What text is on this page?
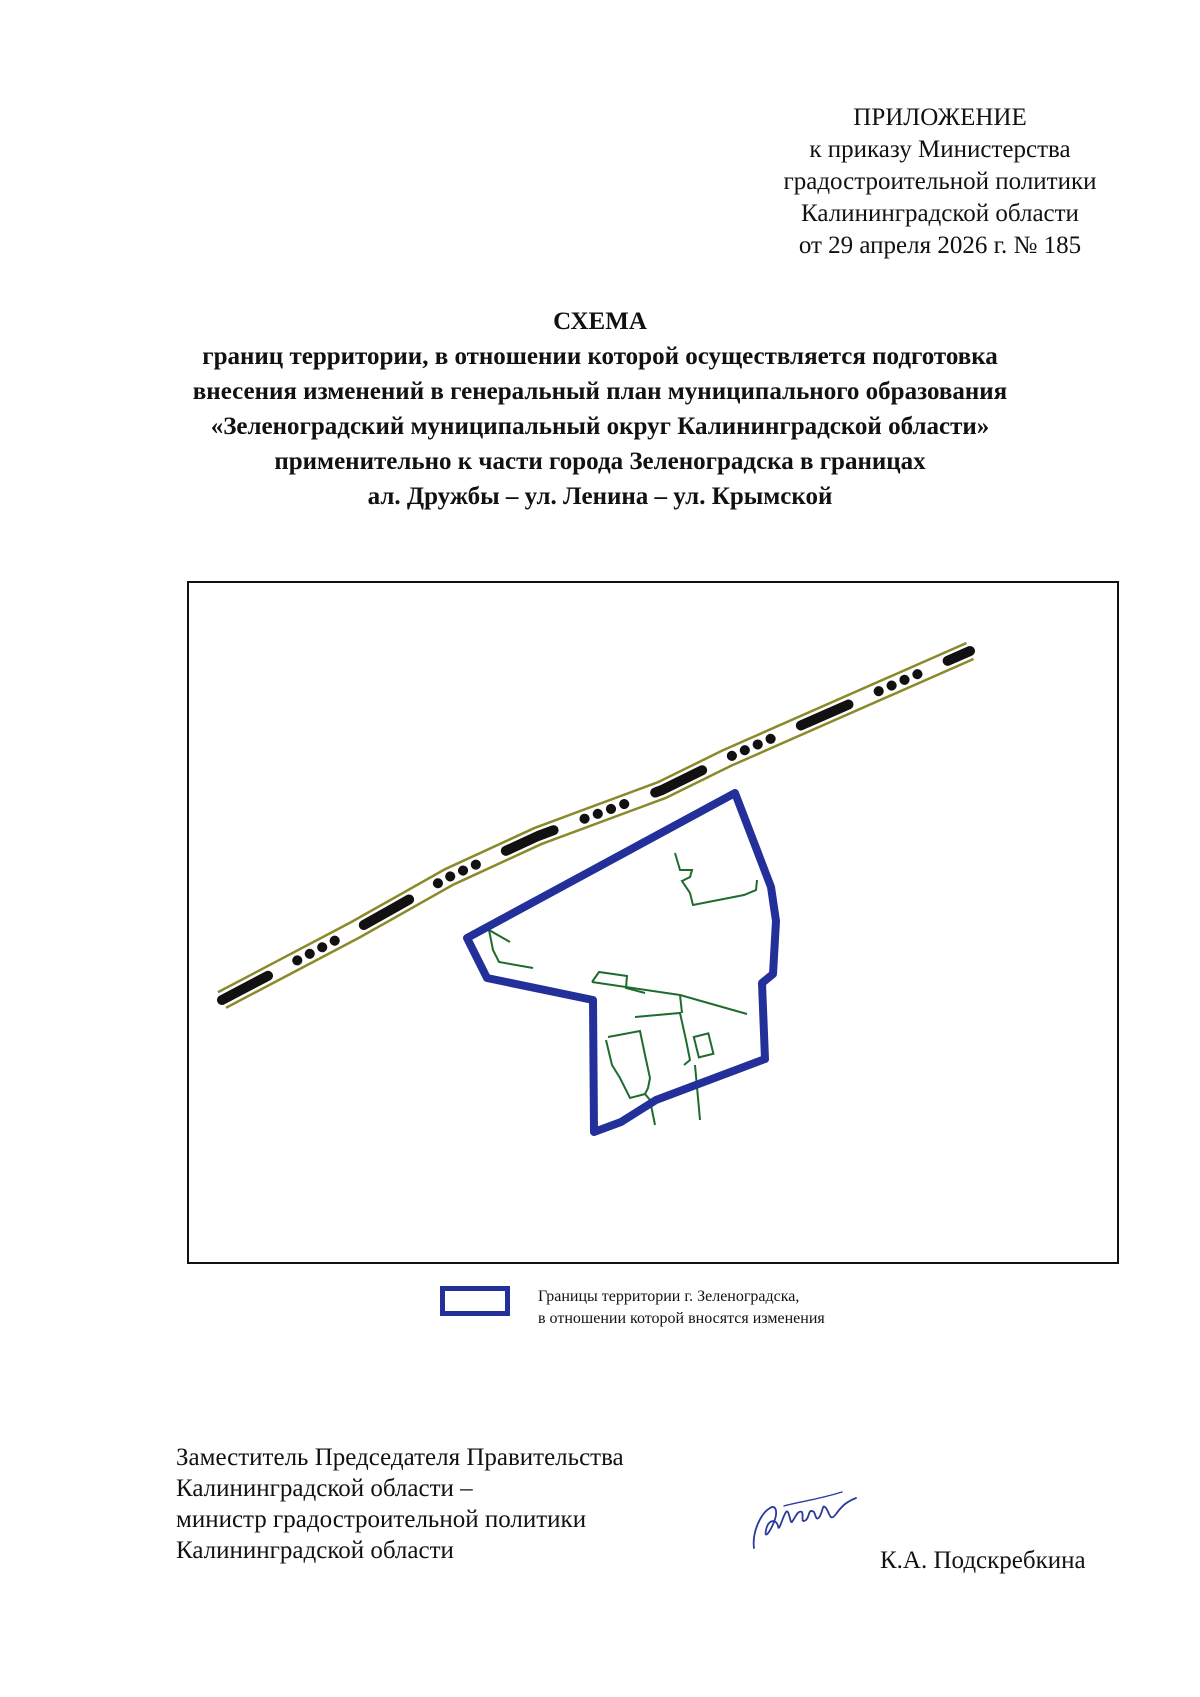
ПРИЛОЖЕНИЕ
к приказу Министерства
градостроительной политики
Калининградской области
от 29 апреля 2026 г. № 185
СХЕМА
границ территории, в отношении которой осуществляется подготовка
внесения изменений в генеральный план муниципального образования
«Зеленоградский муниципальный округ Калининградской области»
применительно к части города Зеленоградска в границах
ал. Дружбы – ул. Ленина – ул. Крымской
Границы территории г. Зеленоградска,
в отношении которой вносятся изменения
Заместитель Председателя Правительства
Калининградской области –
министр градостроительной политики
Калининградской области	К.А. Подскребкина
